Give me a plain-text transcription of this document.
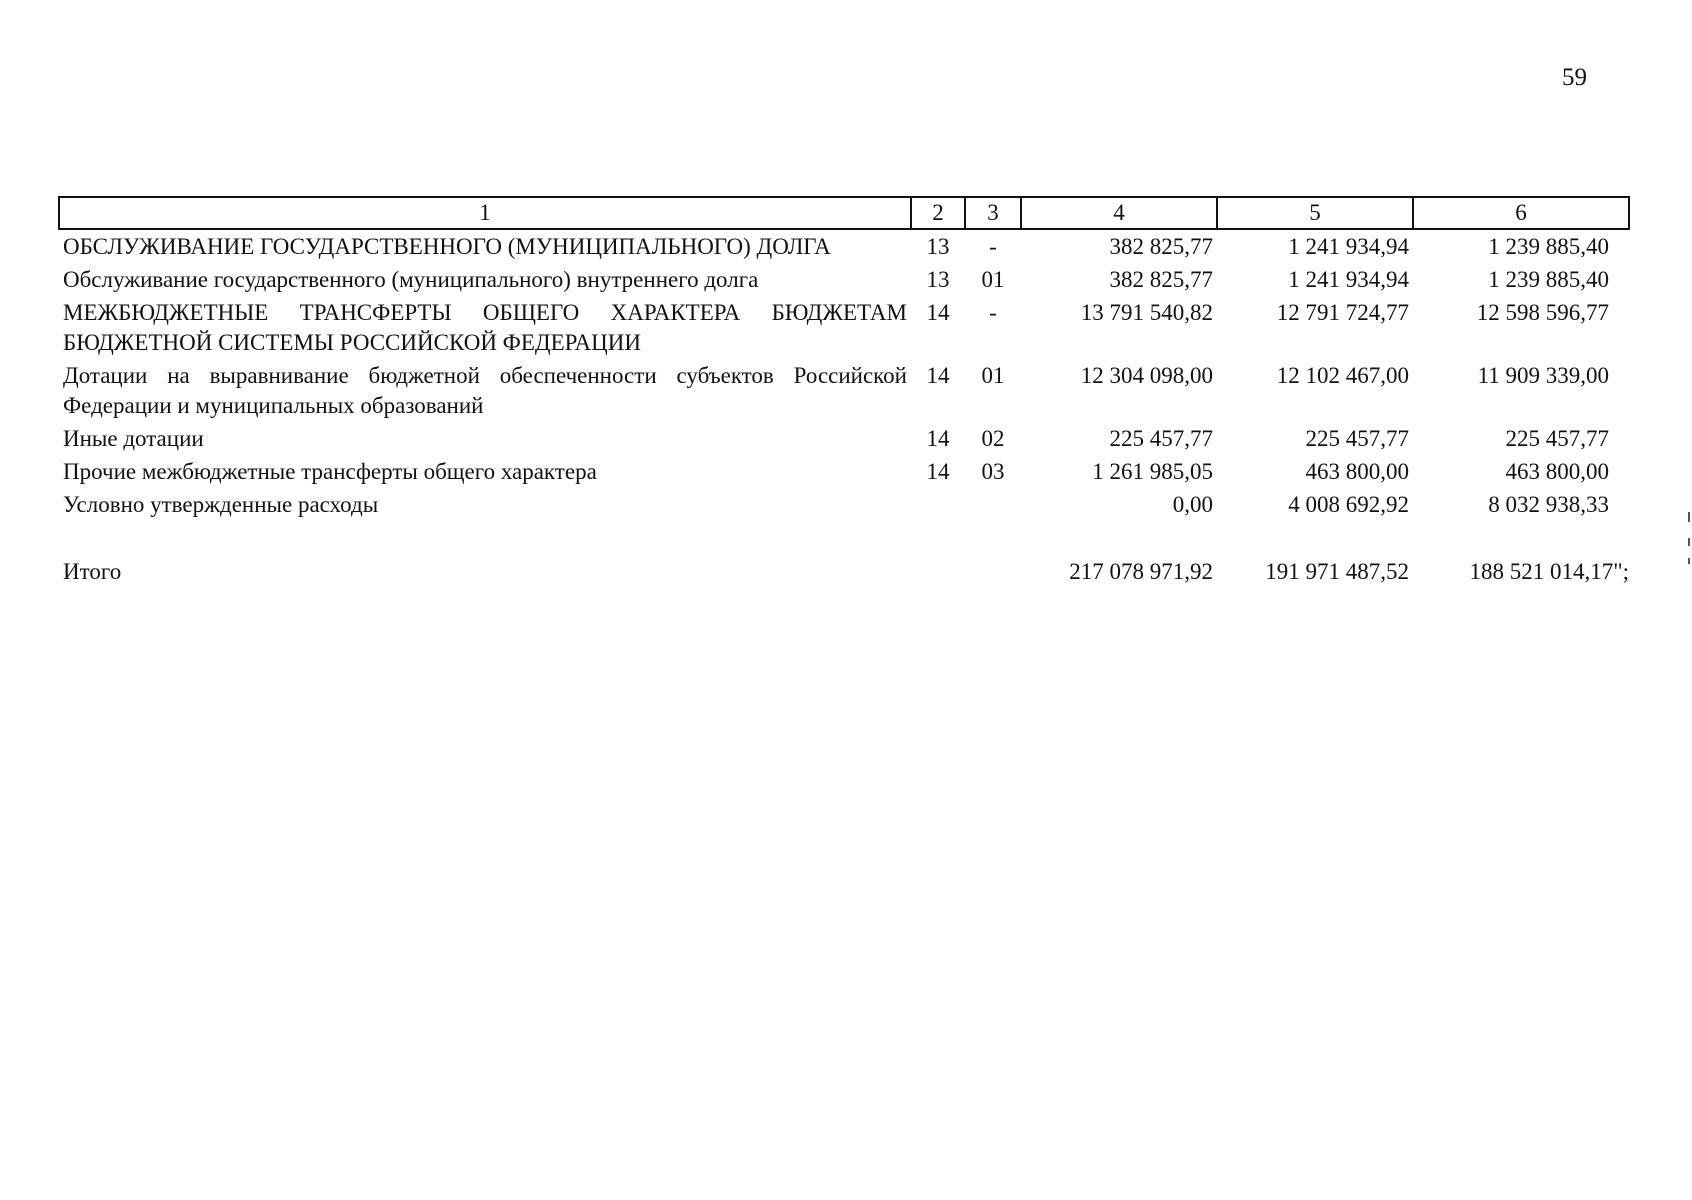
59
1	2	3	4	5	6
ОБСЛУЖИВАНИЕ ГОСУДАРСТВЕННОГО (МУНИЦИПАЛЬНОГО) ДОЛГА	13	-	382 825,77	1 241 934,94	1 239 885,40
Обслуживание государственного (муниципального) внутреннего долга	13	01	382 825,77	1 241 934,94	1 239 885,40
МЕЖБЮДЖЕТНЫЕ ТРАНСФЕРТЫ ОБЩЕГО ХАРАКТЕРА БЮДЖЕТАМ БЮДЖЕТНОЙ СИСТЕМЫ РОССИЙСКОЙ ФЕДЕРАЦИИ	14	-	13 791 540,82	12 791 724,77	12 598 596,77
Дотации на выравнивание бюджетной обеспеченности субъектов Российской Федерации и муниципальных образований	14	01	12 304 098,00	12 102 467,00	11 909 339,00
Иные дотации	14	02	225 457,77	225 457,77	225 457,77
Прочие межбюджетные трансферты общего характера	14	03	1 261 985,05	463 800,00	463 800,00
Условно утвержденные расходы			0,00	4 008 692,92	8 032 938,33

Итого			217 078 971,92	191 971 487,52	188 521 014,17";
